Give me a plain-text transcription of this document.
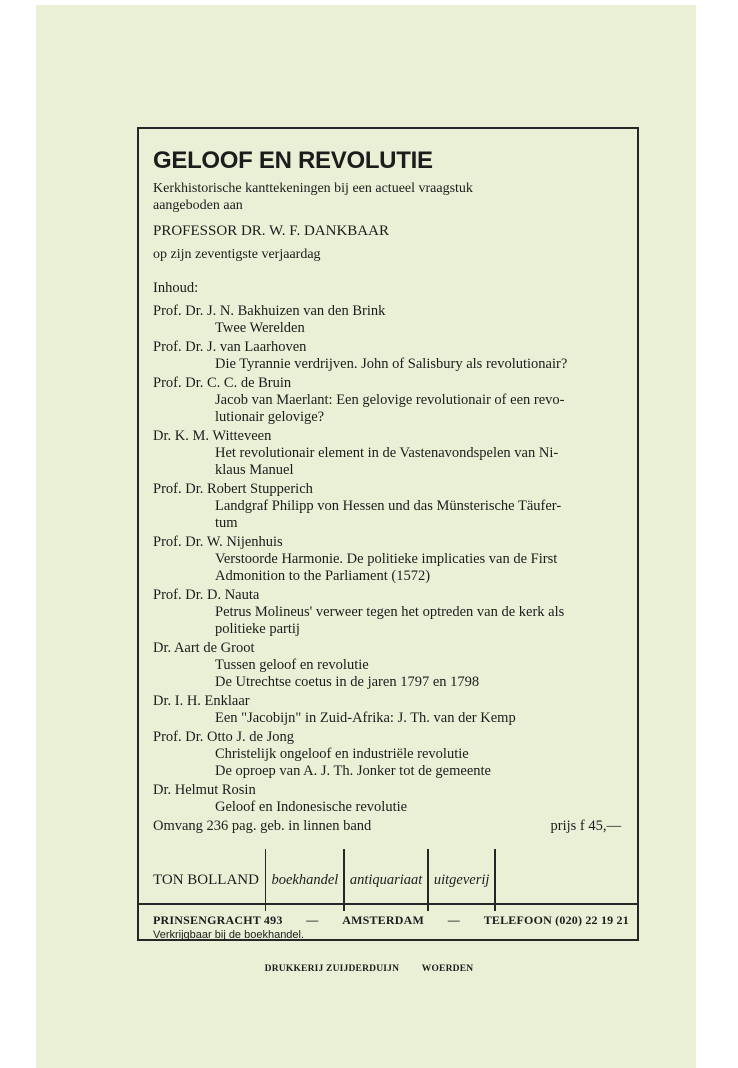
GELOOF EN REVOLUTIE
Kerkhistorische kanttekeningen bij een actueel vraagstuk
aangeboden aan
PROFESSOR DR. W. F. DANKBAAR
op zijn zeventigste verjaardag
Inhoud:
Prof. Dr. J. N. Bakhuizen van den Brink
Twee Werelden
Prof. Dr. J. van Laarhoven
Die Tyrannie verdrijven. John of Salisbury als revolutionair?
Prof. Dr. C. C. de Bruin
Jacob van Maerlant: Een gelovige revolutionair of een revo-
lutionair gelovige?
Dr. K. M. Witteveen
Het revolutionair element in de Vastenavondspelen van Ni-
klaus Manuel
Prof. Dr. Robert Stupperich
Landgraf Philipp von Hessen und das Münsterische Täufer-
tum
Prof. Dr. W. Nijenhuis
Verstoorde Harmonie. De politieke implicaties van de First
Admonition to the Parliament (1572)
Prof. Dr. D. Nauta
Petrus Molineus' verweer tegen het optreden van de kerk als
politieke partij
Dr. Aart de Groot
Tussen geloof en revolutie
De Utrechtse coetus in de jaren 1797 en 1798
Dr. I. H. Enklaar
Een "Jacobijn" in Zuid-Afrika: J. Th. van der Kemp
Prof. Dr. Otto J. de Jong
Christelijk ongeloof en industriële revolutie
De oproep van A. J. Th. Jonker tot de gemeente
Dr. Helmut Rosin
Geloof en Indonesische revolutie
Omvang 236 pag. geb. in linnen band	prijs f 45,—
TON BOLLAND boekhandel antiquariaat uitgeverij
PRINSENGRACHT 493 — AMSTERDAM — TELEFOON (020) 22 19 21
Verkrijgbaar bij de boekhandel.
DRUKKERIJ ZUIJDERDUIJN WOERDEN
